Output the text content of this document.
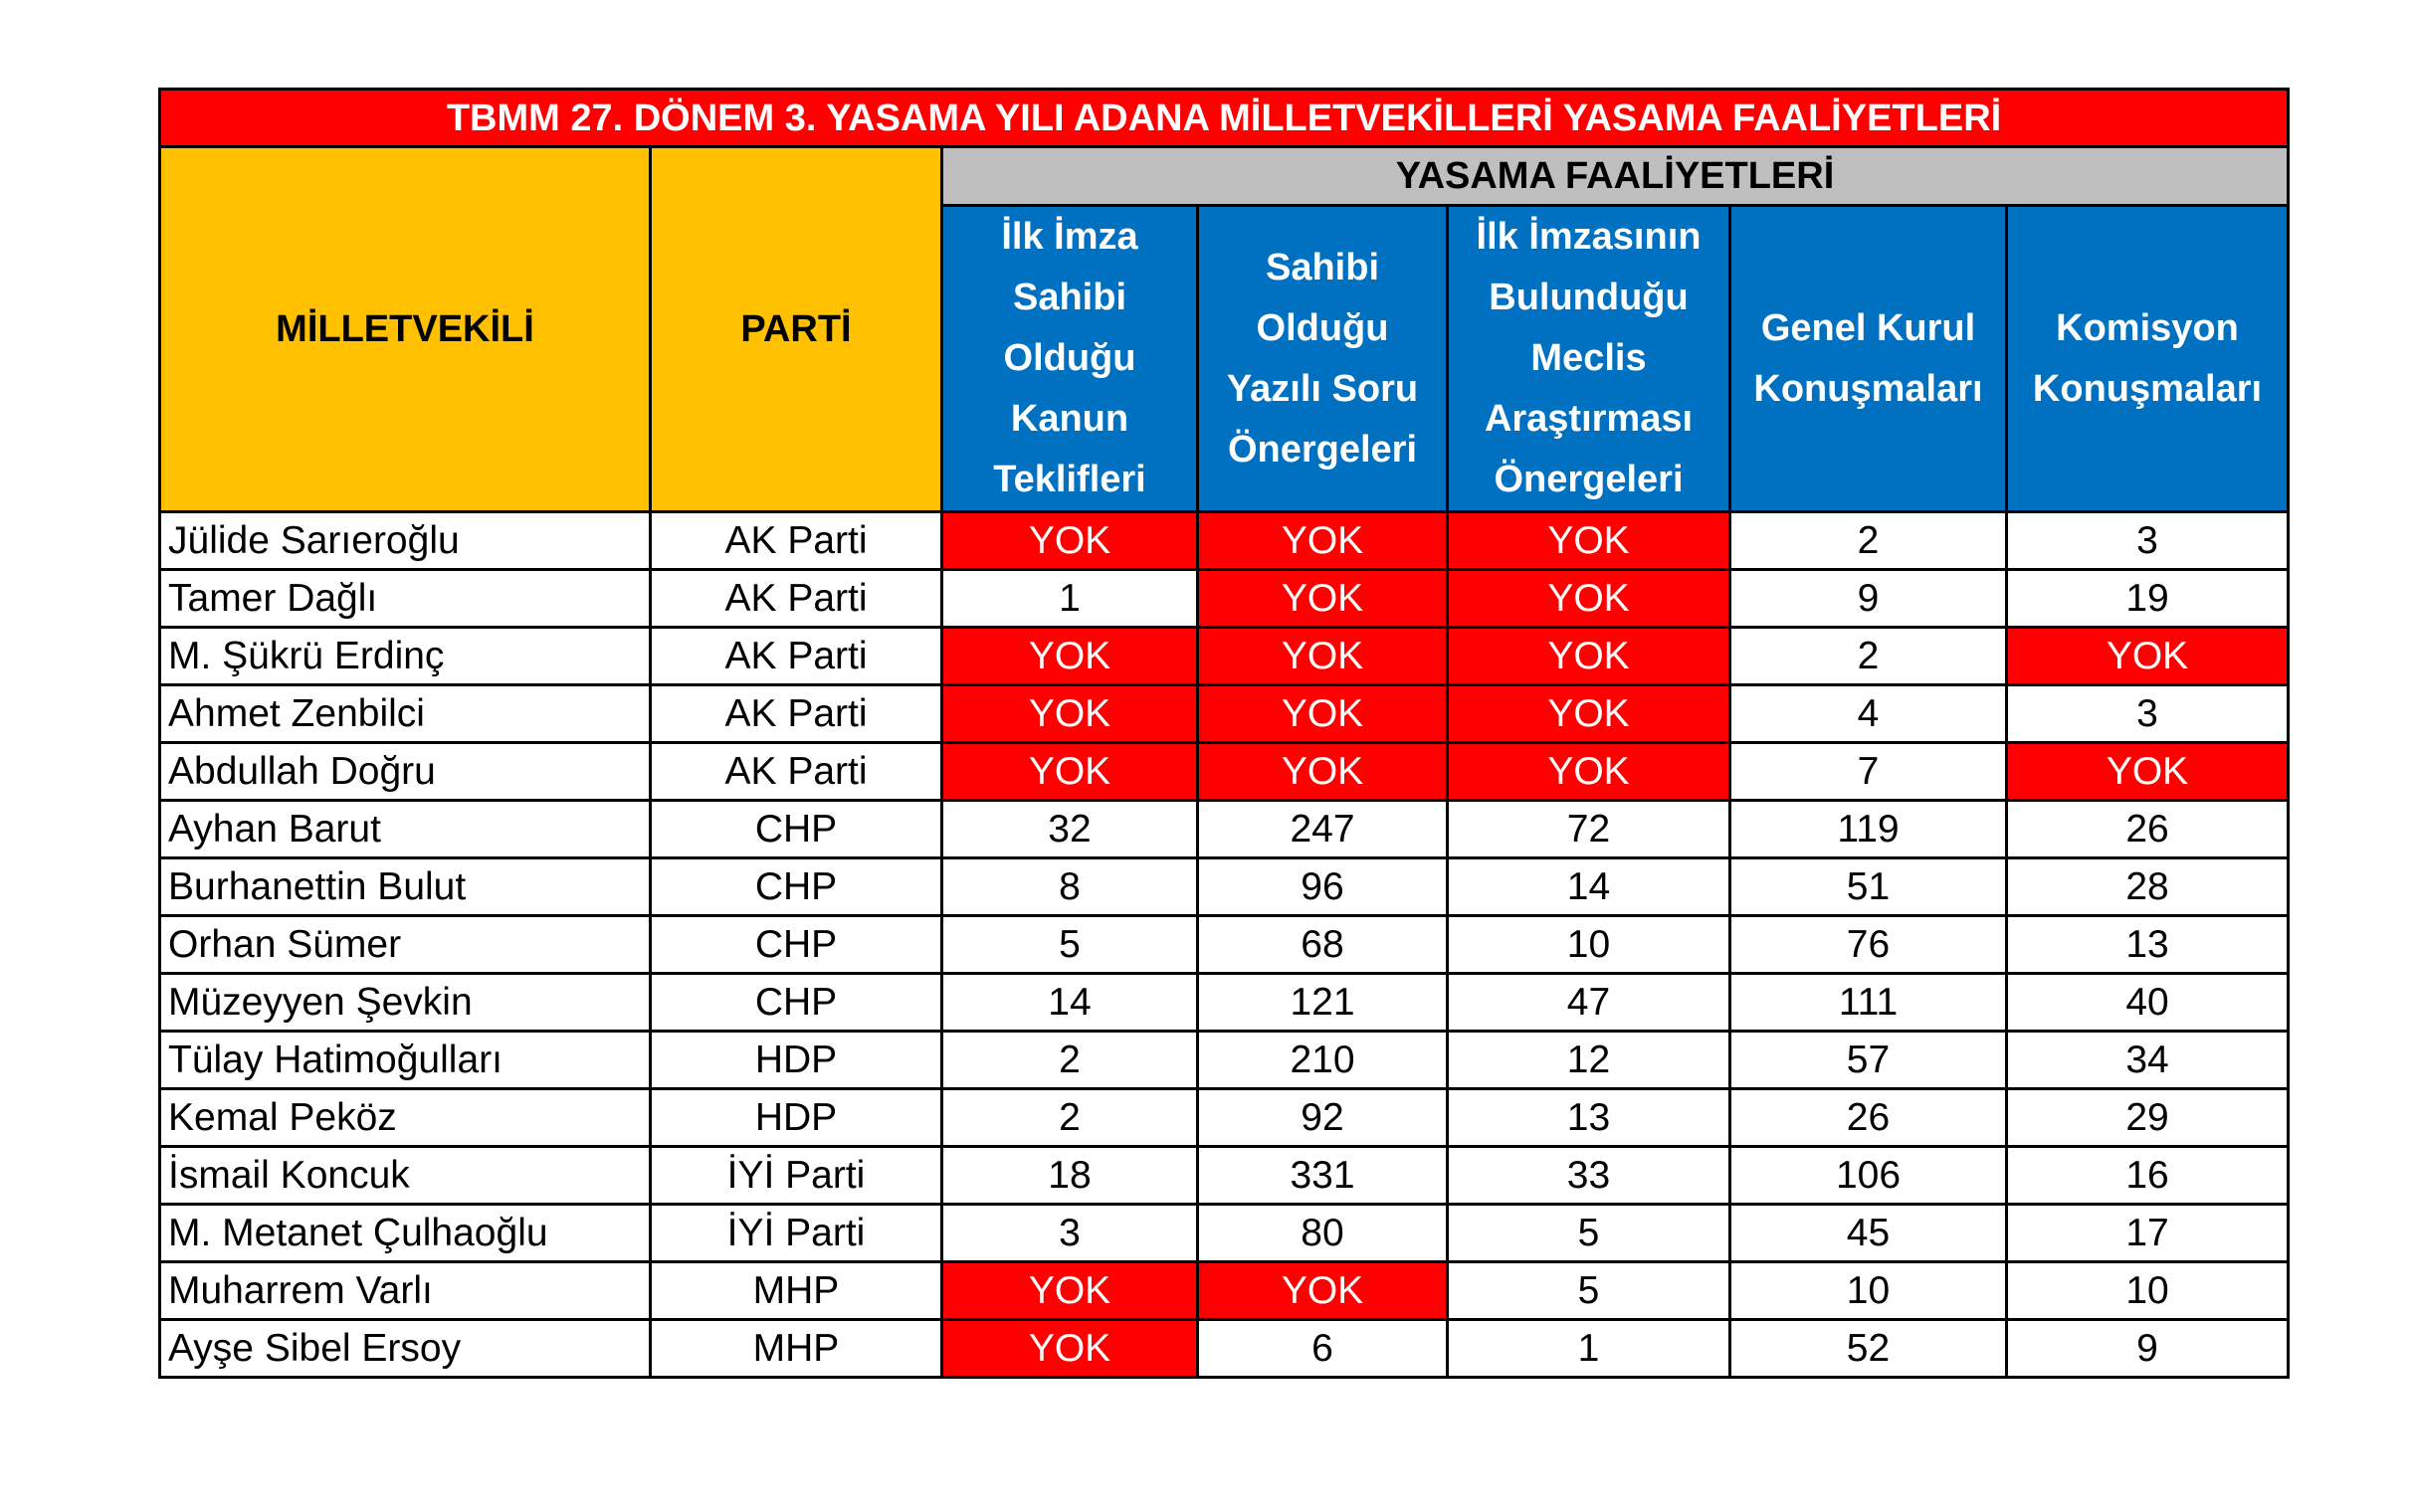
TBMM 27. DÖNEM 3. YASAMA YILI ADANA MİLLETVEKİLLERİ YASAMA FAALİYETLERİ						
MİLLETVEKİLİ	PARTİ	YASAMA FAALİYETLERİ				

		İlk İmza
Sahibi
Olduğu
Kanun
Teklifleri	Sahibi
Olduğu
Yazılı Soru
Önergeleri	İlk İmzasının
Bulunduğu
Meclis
Araştırması
Önergeleri	Genel Kurul
Konuşmaları	Komisyon
Konuşmaları

Jülide Sarıeroğlu	AK Parti	YOK	YOK	YOK	2	3
Tamer Dağlı	AK Parti	1	YOK	YOK	9	19
M. Şükrü Erdinç	AK Parti	YOK	YOK	YOK	2	YOK
Ahmet Zenbilci	AK Parti	YOK	YOK	YOK	4	3
Abdullah Doğru	AK Parti	YOK	YOK	YOK	7	YOK
Ayhan Barut	CHP	32	247	72	119	26
Burhanettin Bulut	CHP	8	96	14	51	28
Orhan Sümer	CHP	5	68	10	76	13
Müzeyyen Şevkin	CHP	14	121	47	111	40
Tülay Hatimoğulları	HDP	2	210	12	57	34
Kemal Peköz	HDP	2	92	13	26	29
İsmail Koncuk	İYİ Parti	18	331	33	106	16
M. Metanet Çulhaoğlu	İYİ Parti	3	80	5	45	17
Muharrem Varlı	MHP	YOK	YOK	5	10	10
Ayşe Sibel Ersoy	MHP	YOK	6	1	52	9
